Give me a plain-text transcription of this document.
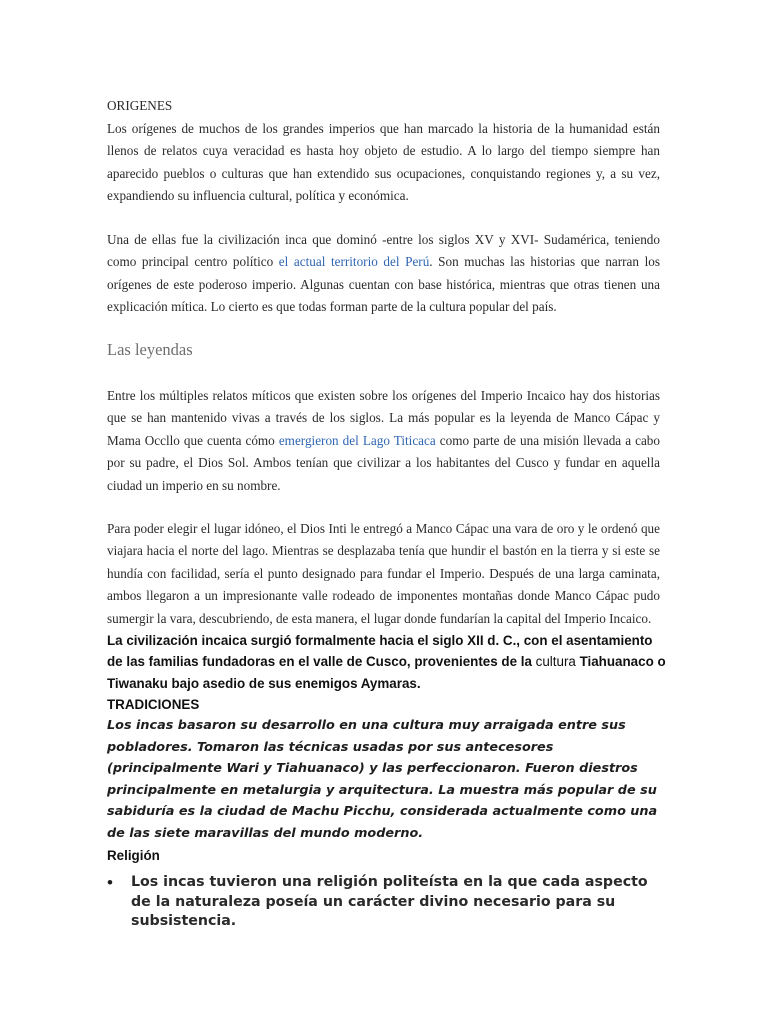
ORIGENES

Los orígenes de muchos de los grandes imperios que han marcado la historia de la humanidad están llenos de relatos cuya veracidad es hasta hoy objeto de estudio. A lo largo del tiempo siempre han aparecido pueblos o culturas que han extendido sus ocupaciones, conquistando regiones y, a su vez, expandiendo su influencia cultural, política y económica.

Una de ellas fue la civilización inca que dominó -entre los siglos XV y XVI- Sudamérica, teniendo como principal centro político el actual territorio del Perú. Son muchas las historias que narran los orígenes de este poderoso imperio. Algunas cuentan con base histórica, mientras que otras tienen una explicación mítica. Lo cierto es que todas forman parte de la cultura popular del país.

Las leyendas

Entre los múltiples relatos míticos que existen sobre los orígenes del Imperio Incaico hay dos historias que se han mantenido vivas a través de los siglos. La más popular es la leyenda de Manco Cápac y Mama Occllo que cuenta cómo emergieron del Lago Titicaca como parte de una misión llevada a cabo por su padre, el Dios Sol. Ambos tenían que civilizar a los habitantes del Cusco y fundar en aquella ciudad un imperio en su nombre.

Para poder elegir el lugar idóneo, el Dios Inti le entregó a Manco Cápac una vara de oro y le ordenó que viajara hacia el norte del lago. Mientras se desplazaba tenía que hundir el bastón en la tierra y si este se hundía con facilidad, sería el punto designado para fundar el Imperio. Después de una larga caminata, ambos llegaron a un impresionante valle rodeado de imponentes montañas donde Manco Cápac pudo sumergir la vara, descubriendo, de esta manera, el lugar donde fundarían la capital del Imperio Incaico.

La civilización incaica surgió formalmente hacia el siglo XII d. C., con el asentamiento de las familias fundadoras en el valle de Cusco, provenientes de la cultura Tiahuanaco o Tiwanaku bajo asedio de sus enemigos Aymaras.

TRADICIONES

Los incas basaron su desarrollo en una cultura muy arraigada entre sus pobladores. Tomaron las técnicas usadas por sus antecesores (principalmente Wari y Tiahuanaco) y las perfeccionaron. Fueron diestros principalmente en metalurgia y arquitectura. La muestra más popular de su sabiduría es la ciudad de Machu Picchu, considerada actualmente como una de las siete maravillas del mundo moderno.

Religión

•	Los incas tuvieron una religión politeísta en la que cada aspecto de la naturaleza poseía un carácter divino necesario para su subsistencia.
